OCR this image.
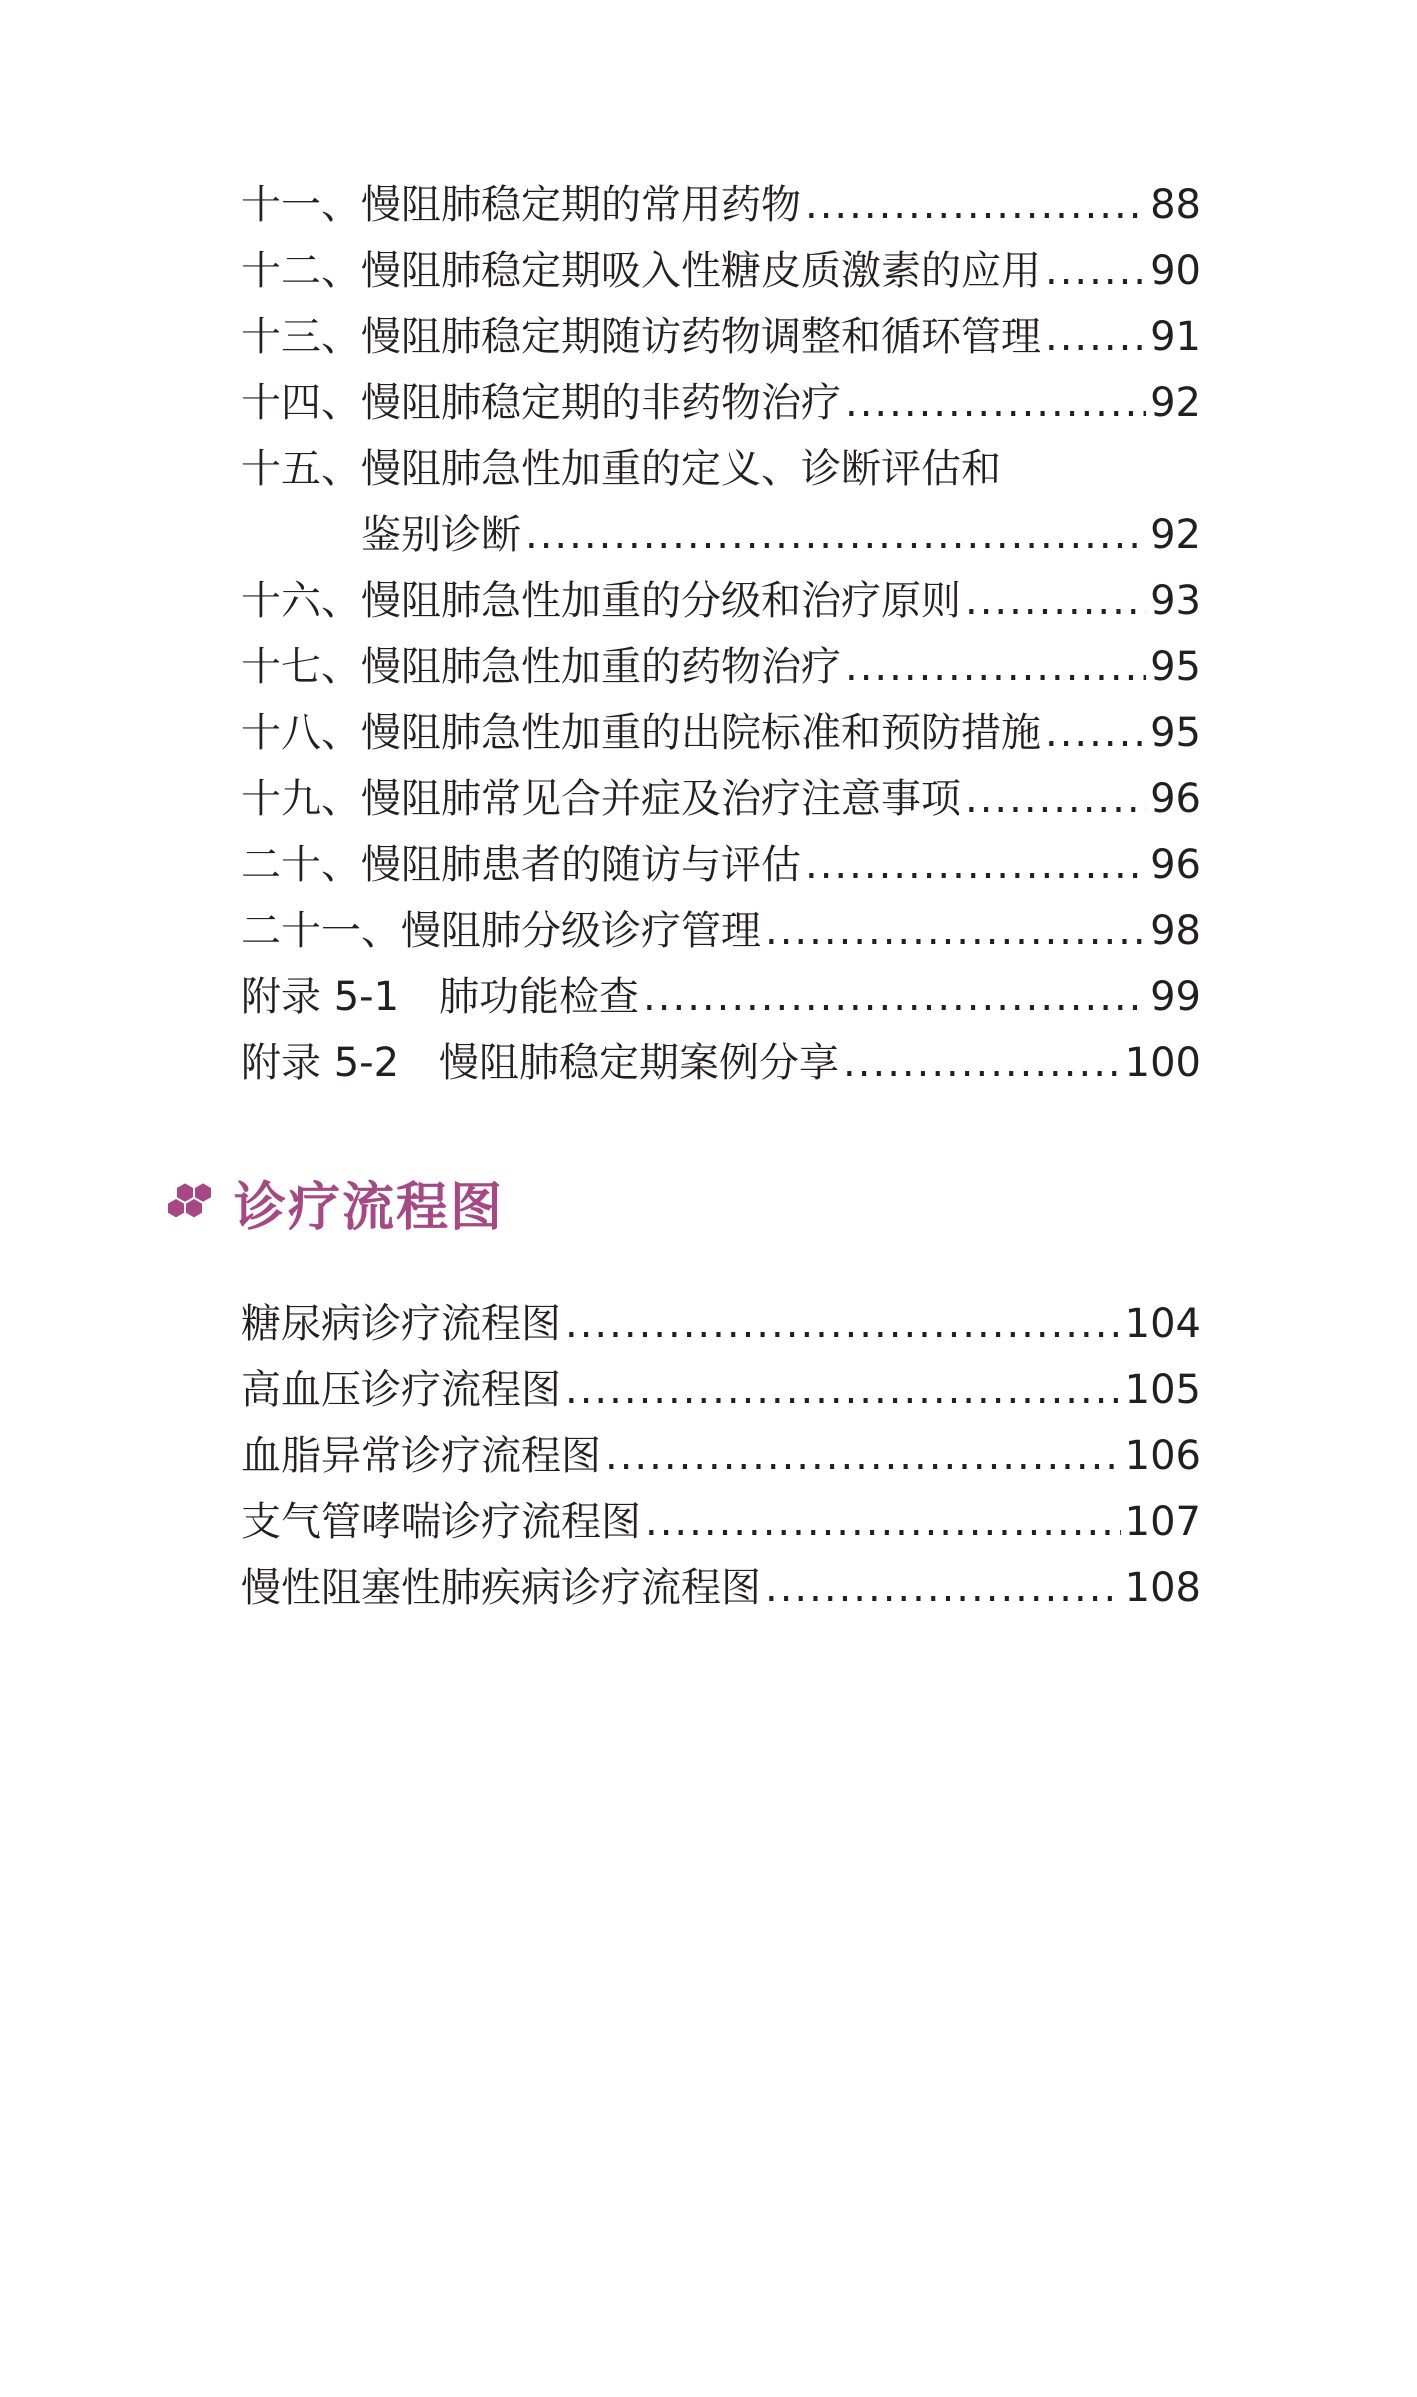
十一、慢阻肺稳定期的常用药物 .....	88
十二、慢阻肺稳定期吸入性糖皮质激素的应用 .....	90
十三、慢阻肺稳定期随访药物调整和循环管理 .....	91
十四、慢阻肺稳定期的非药物治疗 .....	92
十五、慢阻肺急性加重的定义、诊断评估和
鉴别诊断 .....	92
十六、慢阻肺急性加重的分级和治疗原则 .....	93
十七、慢阻肺急性加重的药物治疗 .....	95
十八、慢阻肺急性加重的出院标准和预防措施 .....	95
十九、慢阻肺常见合并症及治疗注意事项 .....	96
二十、慢阻肺患者的随访与评估 .....	96
二十一、慢阻肺分级诊疗管理 .....	98
附录 5-1 肺功能检查 .....	99
附录 5-2 慢阻肺稳定期案例分享 .....	100
诊疗流程图
糖尿病诊疗流程图 .....	104
高血压诊疗流程图 .....	105
血脂异常诊疗流程图 .....	106
支气管哮喘诊疗流程图 .....	107
慢性阻塞性肺疾病诊疗流程图 .....	108
